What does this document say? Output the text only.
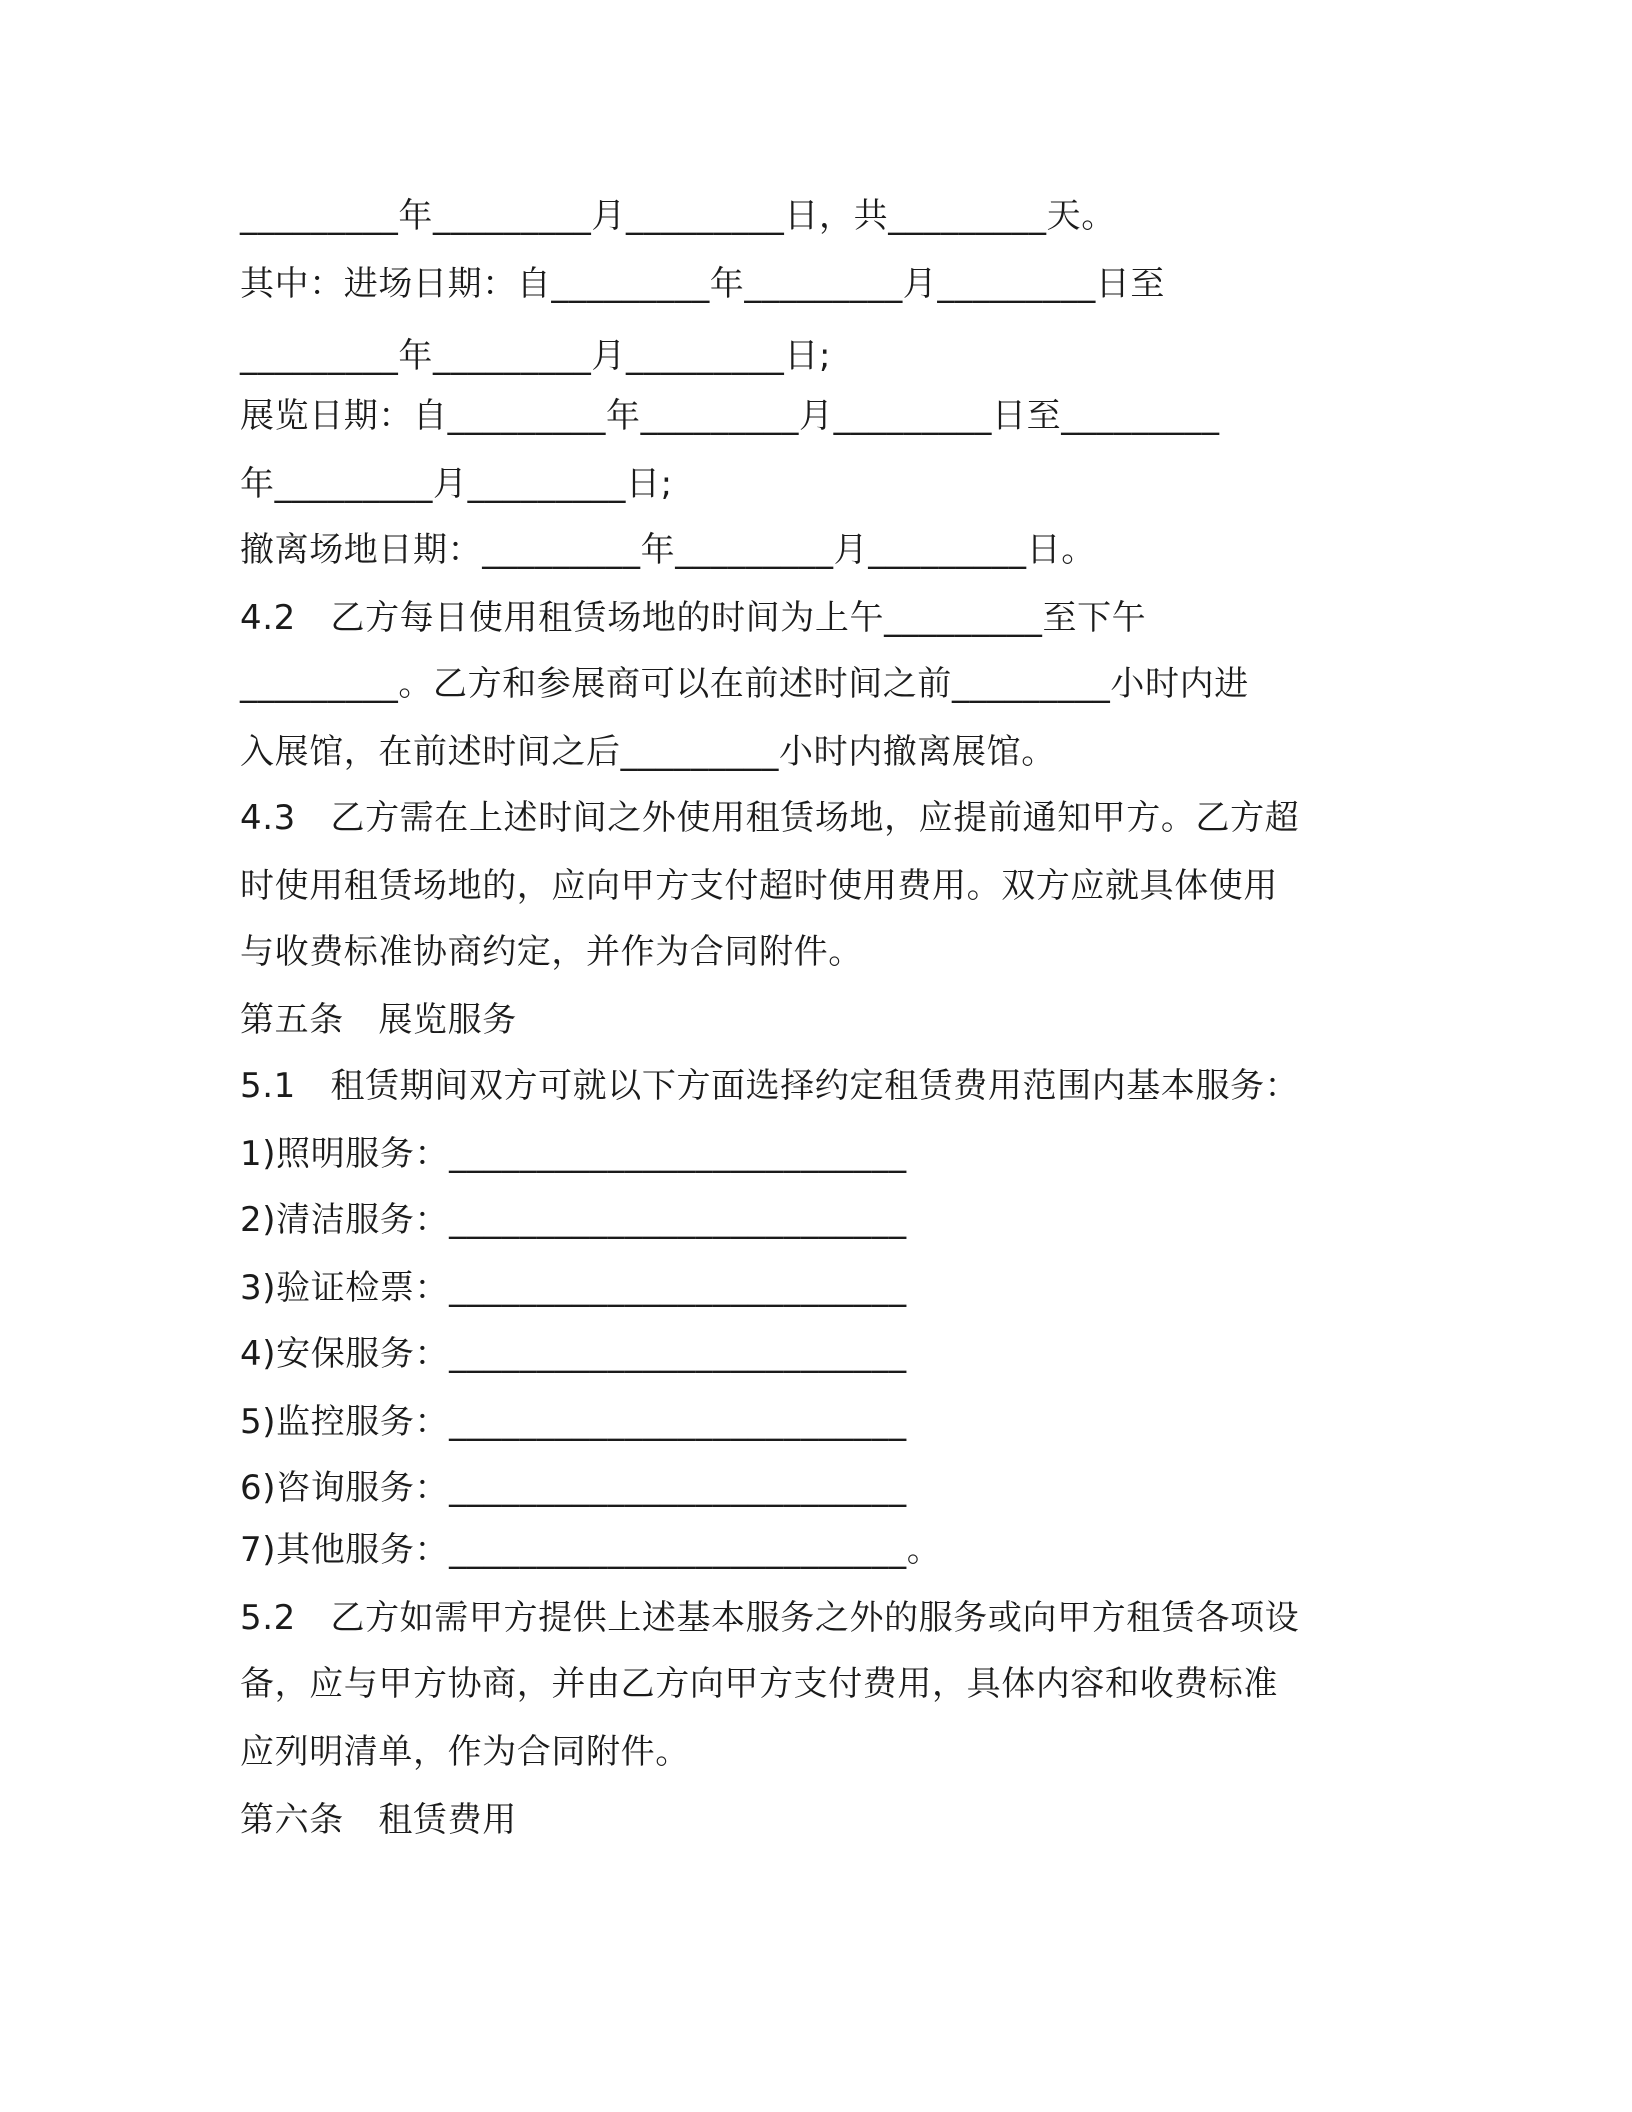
_________年_________月_________日，共_________天。
其中：进场日期：自_________年_________月_________日至
_________年_________月_________日;
展览日期：自_________年_________月_________日至_________
年_________月_________日;
撤离场地日期：_________年_________月_________日。
4.2　乙方每日使用租赁场地的时间为上午_________至下午
_________。乙方和参展商可以在前述时间之前_________小时内进
入展馆，在前述时间之后_________小时内撤离展馆。
4.3　乙方需在上述时间之外使用租赁场地，应提前通知甲方。乙方超
时使用租赁场地的，应向甲方支付超时使用费用。双方应就具体使用
与收费标准协商约定，并作为合同附件。
第五条　展览服务
5.1　租赁期间双方可就以下方面选择约定租赁费用范围内基本服务：
1)照明服务：__________________________
2)清洁服务：__________________________
3)验证检票：__________________________
4)安保服务：__________________________
5)监控服务：__________________________
6)咨询服务：__________________________
7)其他服务：__________________________。
5.2　乙方如需甲方提供上述基本服务之外的服务或向甲方租赁各项设
备，应与甲方协商，并由乙方向甲方支付费用，具体内容和收费标准
应列明清单，作为合同附件。
第六条　租赁费用
